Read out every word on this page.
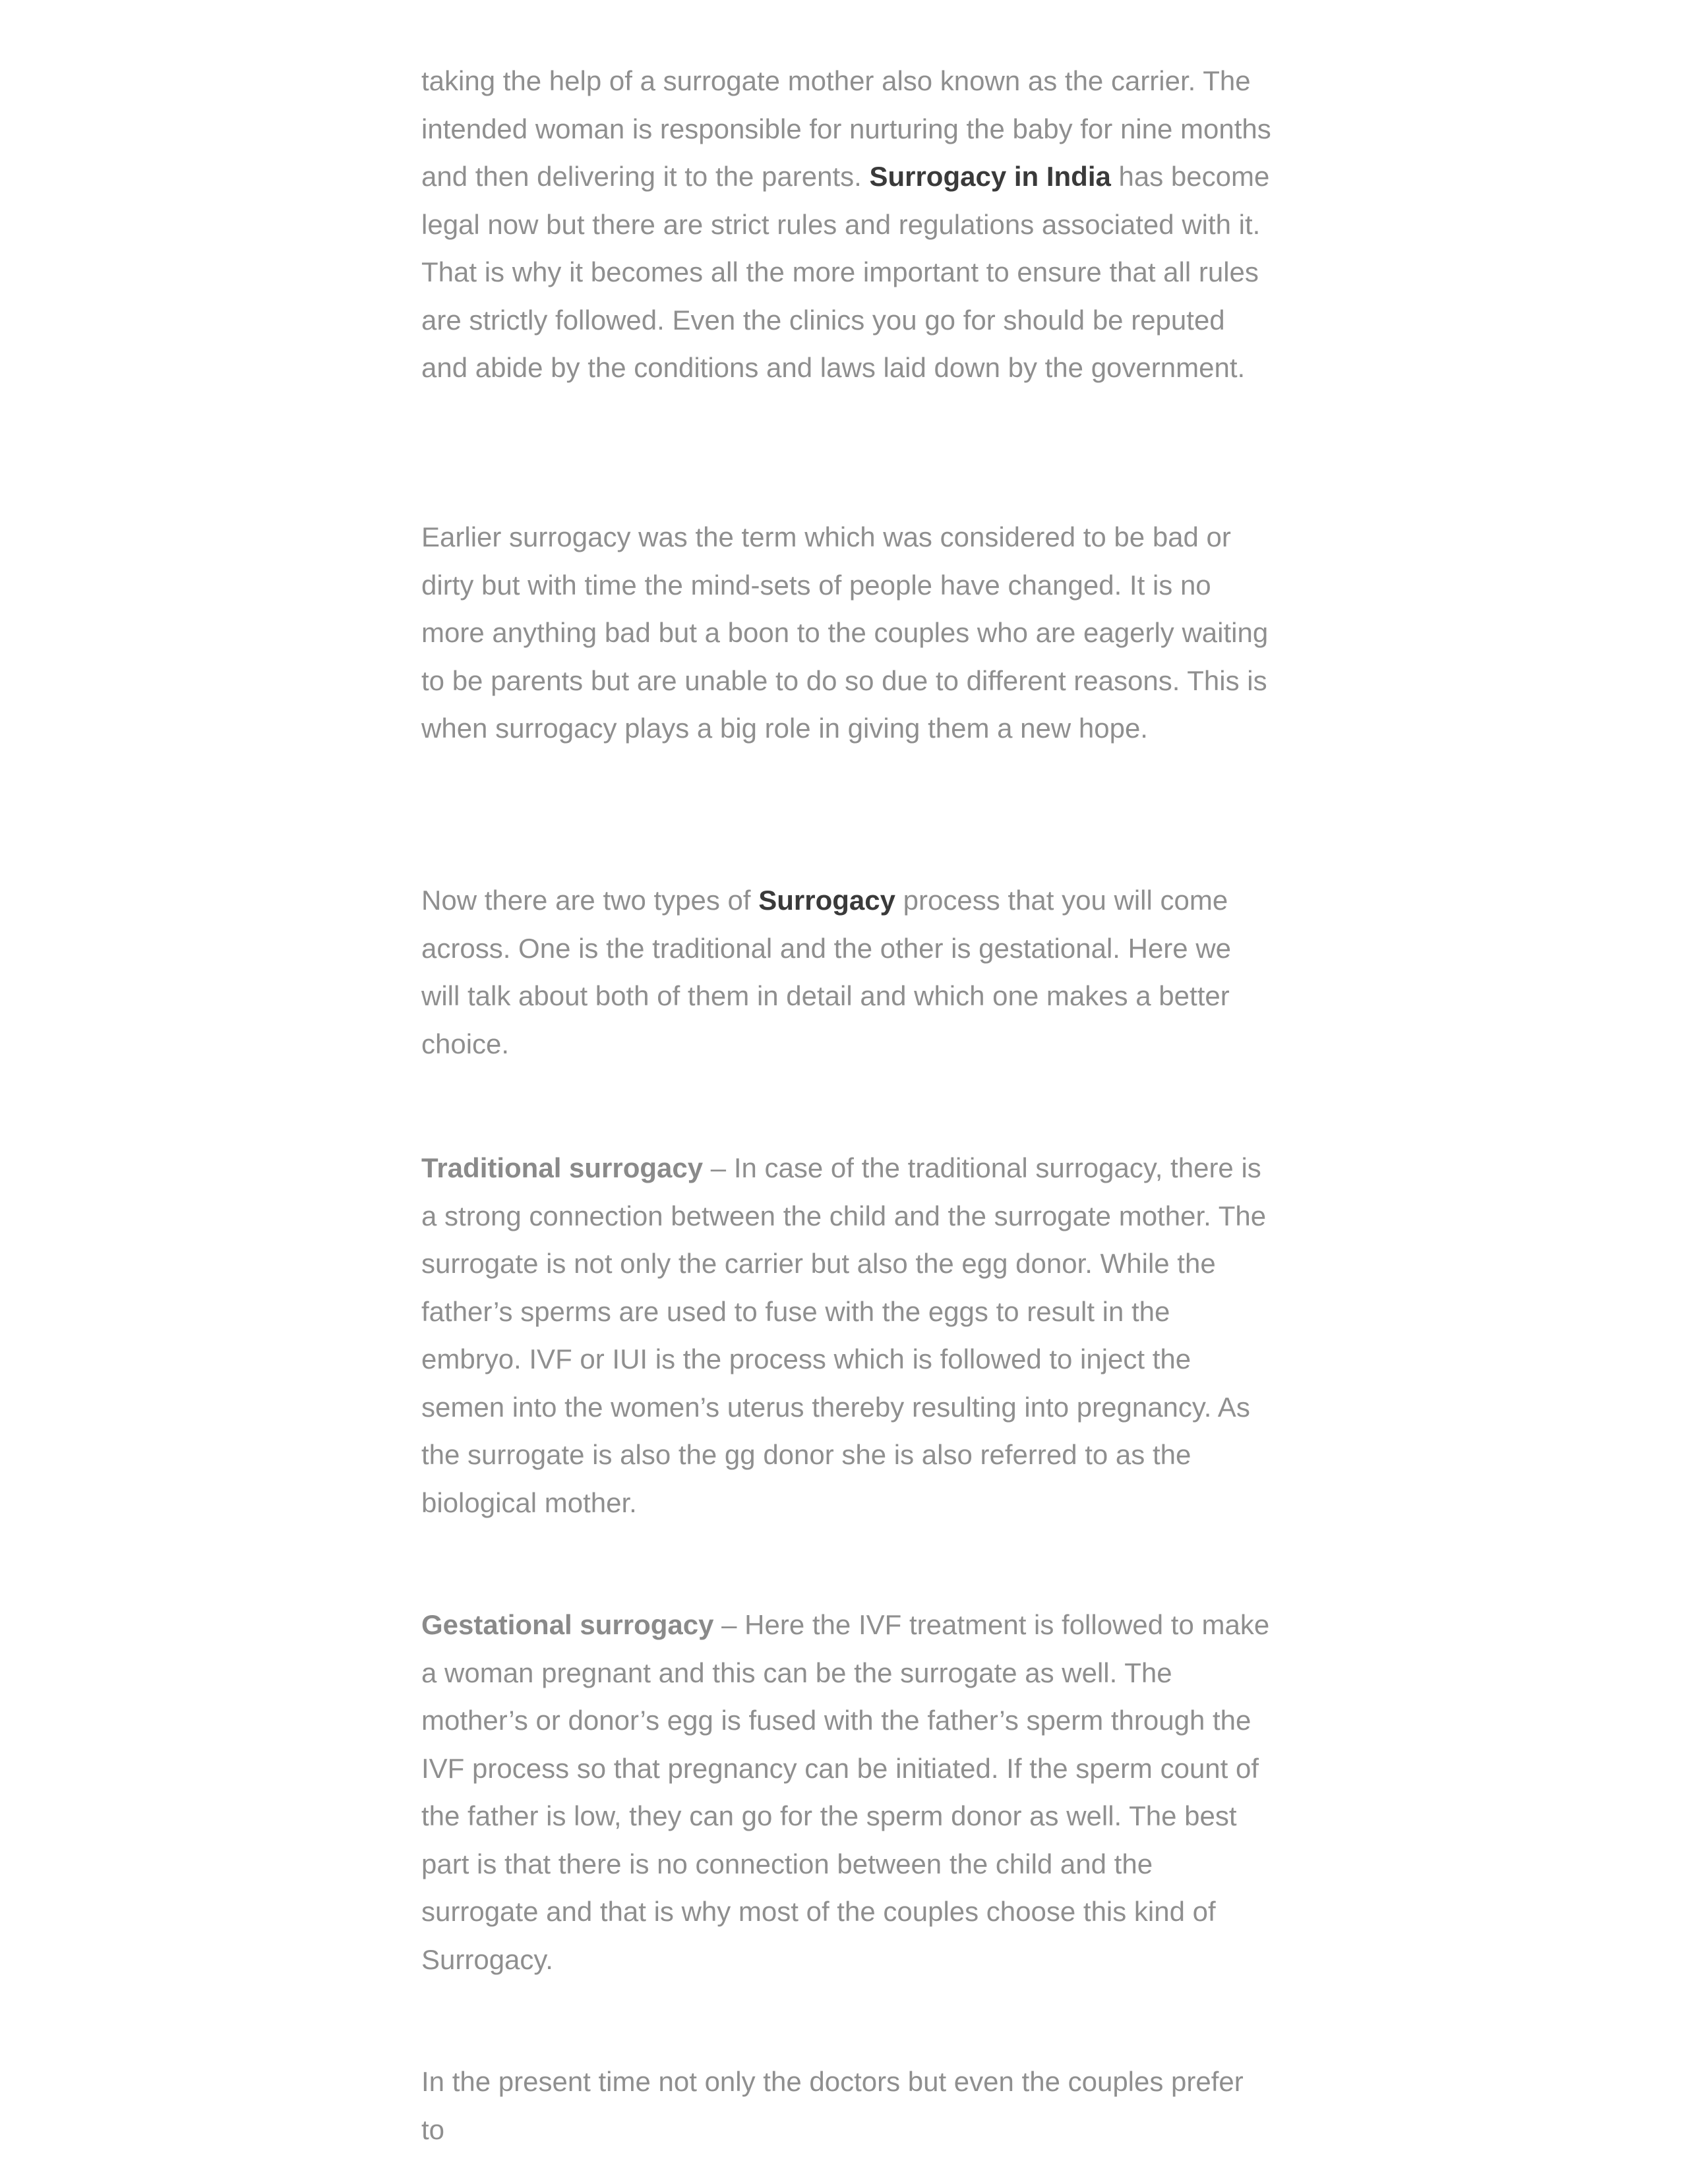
taking the help of a surrogate mother also known as the carrier. The intended woman is responsible for nurturing the baby for nine months and then delivering it to the parents. Surrogacy in India has become legal now but there are strict rules and regulations associated with it. That is why it becomes all the more important to ensure that all rules are strictly followed. Even the clinics you go for should be reputed and abide by the conditions and laws laid down by the government.

Earlier surrogacy was the term which was considered to be bad or dirty but with time the mind-sets of people have changed. It is no more anything bad but a boon to the couples who are eagerly waiting to be parents but are unable to do so due to different reasons. This is when surrogacy plays a big role in giving them a new hope.

Now there are two types of Surrogacy process that you will come across. One is the traditional and the other is gestational. Here we will talk about both of them in detail and which one makes a better choice.

Traditional surrogacy – In case of the traditional surrogacy, there is a strong connection between the child and the surrogate mother. The surrogate is not only the carrier but also the egg donor. While the father’s sperms are used to fuse with the eggs to result in the embryo. IVF or IUI is the process which is followed to inject the semen into the women’s uterus thereby resulting into pregnancy. As the surrogate is also the gg donor she is also referred to as the biological mother.

Gestational surrogacy – Here the IVF treatment is followed to make a woman pregnant and this can be the surrogate as well. The mother’s or donor’s egg is fused with the father’s sperm through the IVF process so that pregnancy can be initiated. If the sperm count of the father is low, they can go for the sperm donor as well. The best part is that there is no connection between the child and the surrogate and that is why most of the couples choose this kind of Surrogacy.

In the present time not only the doctors but even the couples prefer to
